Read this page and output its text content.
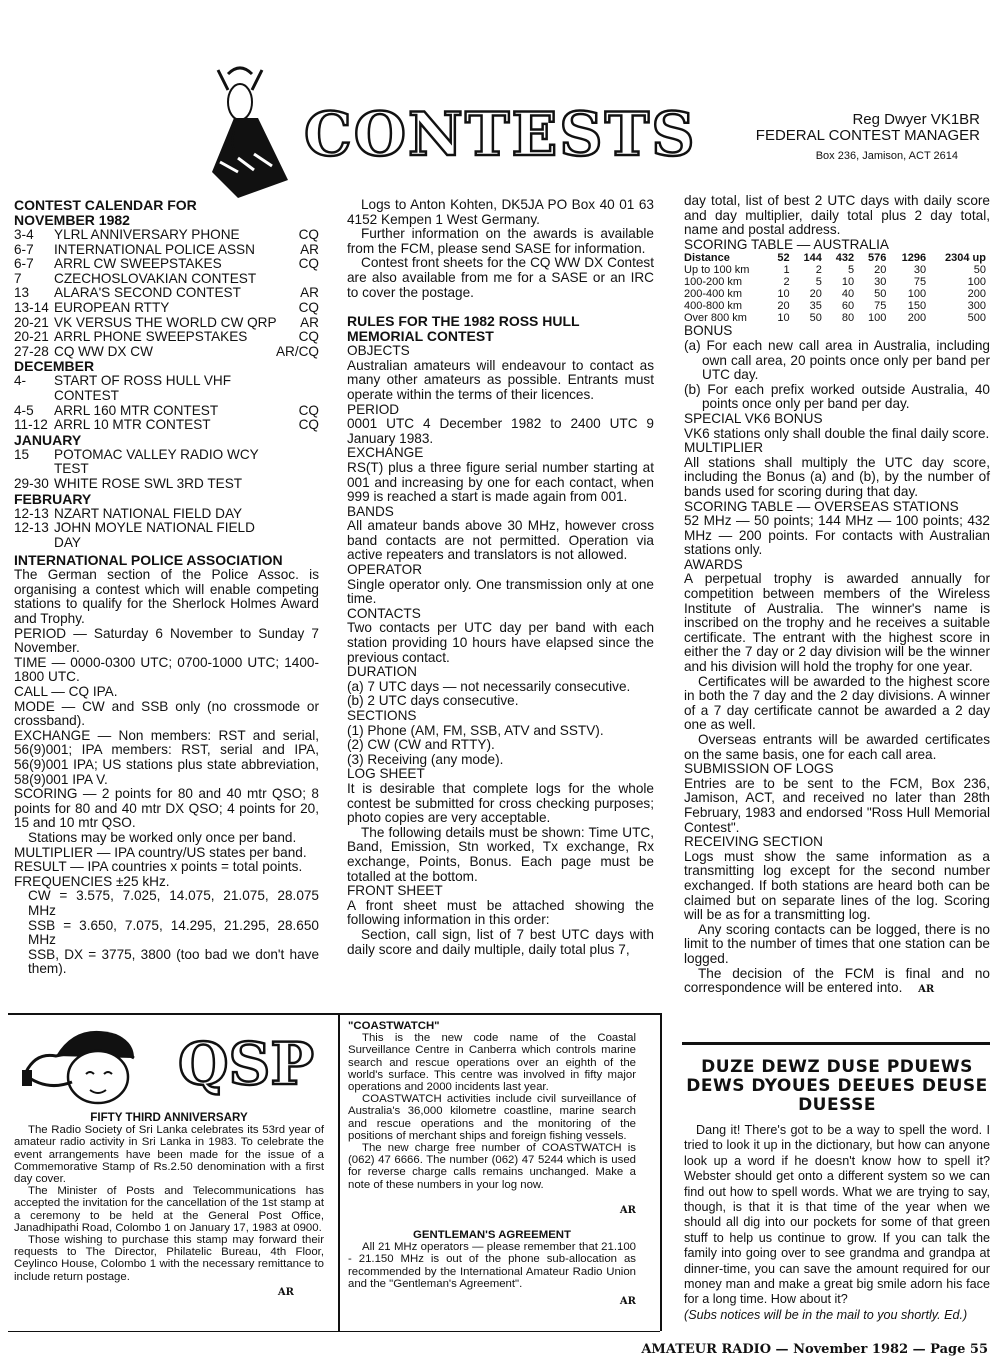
CONTESTS	Reg Dwyer VK1BR
FEDERAL CONTEST MANAGER
Box 236, Jamison, ACT 2614
CONTEST CALENDAR FOR
NOVEMBER 1982
3-4	YLRL ANNIVERSARY PHONE	CQ
6-7	INTERNATIONAL POLICE ASSN	AR
6-7	ARRL CW SWEEPSTAKES	CQ
7	CZECHOSLOVAKIAN CONTEST
13	ALARA'S SECOND CONTEST	AR
13-14 EUROPEAN RTTY	CQ
20-21 VK VERSUS THE WORLD CW QRP	AR
20-21 ARRL PHONE SWEEPSTAKES	CQ
27-28 CQ WW DX CW	AR/CQ
DECEMBER
4-	START OF ROSS HULL VHF CONTEST
4-5	ARRL 160 MTR CONTEST	CQ
11-12 ARRL 10 MTR CONTEST	CQ
JANUARY
15	POTOMAC VALLEY RADIO WCY TEST
29-30 WHITE ROSE SWL 3RD TEST
FEBRUARY
12-13 NZART NATIONAL FIELD DAY
12-13 JOHN MOYLE NATIONAL FIELD DAY
INTERNATIONAL POLICE ASSOCIATION

The German section of the Police Assoc. is organising a contest which will enable competing stations to qualify for the Sherlock Holmes Award and Trophy.

PERIOD — Saturday 6 November to Sunday 7 November.

TIME — 0000-0300 UTC; 0700-1000 UTC; 1400-1800 UTC.

CALL — CQ IPA.

MODE — CW and SSB only (no crossmode or crossband).

EXCHANGE — Non members: RST and serial, 56(9)001; IPA members: RST, serial and IPA, 56(9)001 IPA; US stations plus state abbreviation, 58(9)001 IPA V.

SCORING — 2 points for 80 and 40 mtr QSO; 8 points for 80 and 40 mtr DX QSO; 4 points for 20, 15 and 10 mtr QSO.

Stations may be worked only once per band.

MULTIPLIER — IPA country/US states per band.

RESULT — IPA countries x points = total points.

FREQUENCIES ±25 kHz.

CW = 3.575, 7.025, 14.075, 21.075, 28.075 MHz

SSB = 3.650, 7.075, 14.295, 21.295, 28.650 MHz

SSB, DX = 3775, 3800 (too bad we don't have them).

Logs to Anton Kohten, DK5JA PO Box 40 01 63 4152 Kempen 1 West Germany.

Further information on the awards is available from the FCM, please send SASE for information.

Contest front sheets for the CQ WW DX Contest are also available from me for a SASE or an IRC to cover the postage.

RULES FOR THE 1982 ROSS HULL MEMORIAL CONTEST

OBJECTS

Australian amateurs will endeavour to contact as many other amateurs as possible. Entrants must operate within the terms of their licences.

PERIOD

0001 UTC 4 December 1982 to 2400 UTC 9 January 1983.

EXCHANGE

RS(T) plus a three figure serial number starting at 001 and increasing by one for each contact, when 999 is reached a start is made again from 001.

BANDS

All amateur bands above 30 MHz, however cross band contacts are not permitted. Operation via active repeaters and translators is not allowed.

OPERATOR

Single operator only. One transmission only at one time.

CONTACTS

Two contacts per UTC day per band with each station providing 10 hours have elapsed since the previous contact.

DURATION

(a) 7 UTC days — not necessarily consecutive.

(b) 2 UTC days consecutive.

SECTIONS

(1) Phone (AM, FM, SSB, ATV and SSTV).

(2) CW (CW and RTTY).

(3) Receiving (any mode).

LOG SHEET

It is desirable that complete logs for the whole contest be submitted for cross checking purposes; photo copies are very acceptable.

The following details must be shown: Time UTC, Band, Emission, Stn worked, Tx exchange, Rx exchange, Points, Bonus. Each page must be totalled at the bottom.

FRONT SHEET

A front sheet must be attached showing the following information in this order:

Section, call sign, list of 7 best UTC days with daily score and daily multiple, daily total plus 7,

day total, list of best 2 UTC days with daily score and day multiplier, daily total plus 2 day total, name and postal address.

SCORING TABLE — AUSTRALIA

Distance	52	144	432	576	1296	2304 up
Up to 100 km	1	2	5	20	30	50
100-200 km	2	5	10	30	75	100
200-400 km	10	20	40	50	100	200
400-800 km	20	35	60	75	150	300
Over 800 km	10	50	80	100	200	500

BONUS

(a) For each new call area in Australia, including own call area, 20 points once only per band per UTC day.

(b) For each prefix worked outside Australia, 40 points once only per band per day.

SPECIAL VK6 BONUS

VK6 stations only shall double the final daily score.

MULTIPLIER

All stations shall multiply the UTC day score, including the Bonus (a) and (b), by the number of bands used for scoring during that day.

SCORING TABLE — OVERSEAS STATIONS

52 MHz — 50 points; 144 MHz — 100 points; 432 MHz — 200 points. For contacts with Australian stations only.

AWARDS

A perpetual trophy is awarded annually for competition between members of the Wireless Institute of Australia. The winner's name is inscribed on the trophy and he receives a suitable certificate. The entrant with the highest score in either the 7 day or 2 day division will be the winner and his division will hold the trophy for one year.

Certificates will be awarded to the highest score in both the 7 day and the 2 day divisions. A winner of a 7 day certificate cannot be awarded a 2 day one as well.

Overseas entrants will be awarded certificates on the same basis, one for each call area.

SUBMISSION OF LOGS

Entries are to be sent to the FCM, Box 236, Jamison, ACT, and received no later than 28th February, 1983 and endorsed "Ross Hull Memorial Contest".

RECEIVING SECTION

Logs must show the same information as a transmitting log except for the second number exchanged. If both stations are heard both can be claimed but on separate lines of the log. Scoring will be as for a transmitting log.

Any scoring contacts can be logged, there is no limit to the number of times that one station can be logged.

The decision of the FCM is final and no correspondence will be entered into. AR

QSP
FIFTY THIRD ANNIVERSARY

The Radio Society of Sri Lanka celebrates its 53rd year of amateur radio activity in Sri Lanka in 1983. To celebrate the event arrangements have been made for the issue of a Commemorative Stamp of Rs.2.50 denomination with a first day cover.

The Minister of Posts and Telecommunications has accepted the invitation for the cancellation of the 1st stamp at a ceremony to be held at the General Post Office, Janadhipathi Road, Colombo 1 on January 17, 1983 at 0900.

Those wishing to purchase this stamp may forward their requests to The Director, Philatelic Bureau, 4th Floor, Ceylinco House, Colombo 1 with the necessary remittance to include return postage.

AR
"COASTWATCH"

This is the new code name of the Coastal Surveillance Centre in Canberra which controls marine search and rescue operations over an eighth of the world's surface. This centre was involved in fifty major operations and 2000 incidents last year.

COASTWATCH activities include civil surveillance of Australia's 36,000 kilometre coastline, marine search and rescue operations and the monitoring of the positions of merchant ships and foreign fishing vessels.

The new charge free number of COASTWATCH is (062) 47 6666. The number (062) 47 5244 which is used for reverse charge calls remains unchanged. Make a note of these numbers in your log now.

AR
GENTLEMAN'S AGREEMENT

All 21 MHz operators — please remember that 21.100 - 21.150 MHz is out of the phone sub-allocation as recommended by the International Amateur Radio Union and the "Gentleman's Agreement".

AR
DUZE DEWZ DUSE PDUEWS DEWS DYOUES DEEUES DEUSE DUESSE

Dang it! There's got to be a way to spell the word. I tried to look it up in the dictionary, but how can anyone look up a word if he doesn't know how to spell it? Webster should get onto a different system so we can find out how to spell words. What we are trying to say, though, is that it is that time of the year when we should all dig into our pockets for some of that green stuff to help us continue to grow. If you can talk the family into going over to see grandma and grandpa at dinner-time, you can save the amount required for our money man and make a great big smile adorn his face for a long time. How about it?

(Subs notices will be in the mail to you shortly. Ed.)

AMATEUR RADIO — November 1982 — Page 55
